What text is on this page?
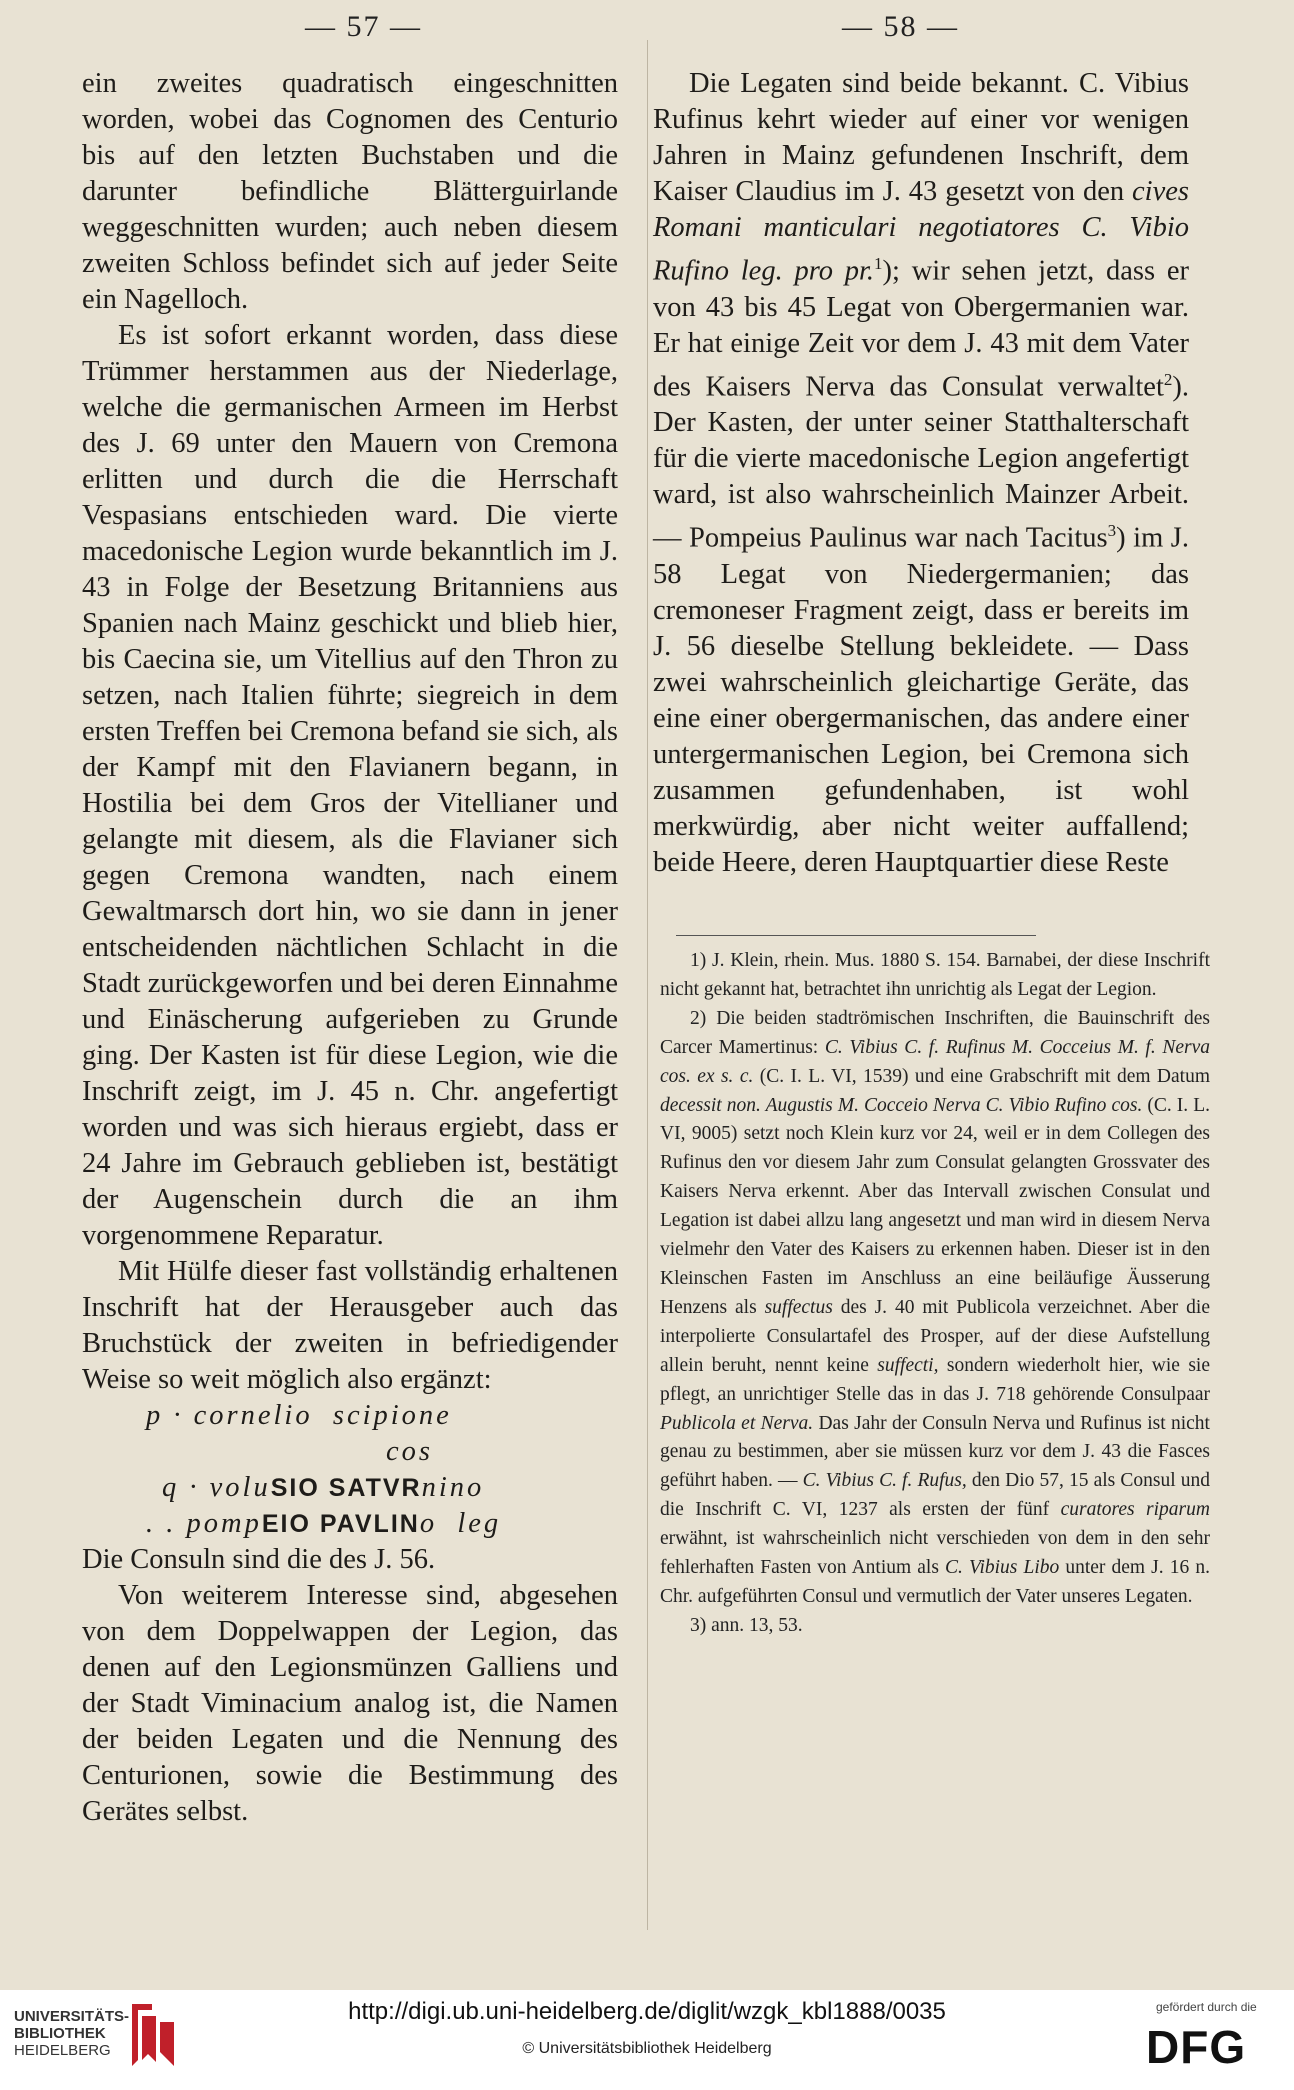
— 57 —	— 58 —

ein zweites quadratisch eingeschnitten worden, wobei das Cognomen des Centurio bis auf den letzten Buchstaben und die darunter befindliche Blätterguirlande weggeschnitten wurden; auch neben diesem zweiten Schloss befindet sich auf jeder Seite ein Nagelloch.

Es ist sofort erkannt worden, dass diese Trümmer herstammen aus der Niederlage, welche die germanischen Armeen im Herbst des J. 69 unter den Mauern von Cremona erlitten und durch die die Herrschaft Vespasians entschieden ward. Die vierte macedonische Legion wurde bekanntlich im J. 43 in Folge der Besetzung Britanniens aus Spanien nach Mainz geschickt und blieb hier, bis Caecina sie, um Vitellius auf den Thron zu setzen, nach Italien führte; siegreich in dem ersten Treffen bei Cremona befand sie sich, als der Kampf mit den Flavianern begann, in Hostilia bei dem Gros der Vitellianer und gelangte mit diesem, als die Flavianer sich gegen Cremona wandten, nach einem Gewaltmarsch dort hin, wo sie dann in jener entscheidenden nächtlichen Schlacht in die Stadt zurückgeworfen und bei deren Einnahme und Einäscherung aufgerieben zu Grunde ging. Der Kasten ist für diese Legion, wie die Inschrift zeigt, im J. 45 n. Chr. angefertigt worden und was sich hieraus ergiebt, dass er 24 Jahre im Gebrauch geblieben ist, bestätigt der Augenschein durch die an ihm vorgenommene Reparatur.

Mit Hülfe dieser fast vollständig erhaltenen Inschrift hat der Herausgeber auch das Bruchstück der zweiten in befriedigender Weise so weit möglich also ergänzt:

p · cornelio  scipione
cos
q · voluSIO SATVRnino
. . pompEIO PAVLINo  leg

Die Consuln sind die des J. 56.

Von weiterem Interesse sind, abgesehen von dem Doppelwappen der Legion, das denen auf den Legionsmünzen Galliens und der Stadt Viminacium analog ist, die Namen der beiden Legaten und die Nennung des Centurionen, sowie die Bestimmung des Gerätes selbst.

Die Legaten sind beide bekannt. C. Vibius Rufinus kehrt wieder auf einer vor wenigen Jahren in Mainz gefundenen Inschrift, dem Kaiser Claudius im J. 43 gesetzt von den cives Romani manticulari negotiatores C. Vibio Rufino leg. pro pr.$^1$); wir sehen jetzt, dass er von 43 bis 45 Legat von Obergermanien war. Er hat einige Zeit vor dem J. 43 mit dem Vater des Kaisers Nerva das Consulat verwaltet$^2$). Der Kasten, der unter seiner Statthalterschaft für die vierte macedonische Legion angefertigt ward, ist also wahrscheinlich Mainzer Arbeit. — Pompeius Paulinus war nach Tacitus$^3$) im J. 58 Legat von Niedergermanien; das cremoneser Fragment zeigt, dass er bereits im J. 56 dieselbe Stellung bekleidete. — Dass zwei wahrscheinlich gleichartige Geräte, das eine einer obergermanischen, das andere einer untergermanischen Legion, bei Cremona sich zusammen gefundenhaben, ist wohl merkwürdig, aber nicht weiter auffallend; beide Heere, deren Hauptquartier diese Reste

1) J. Klein, rhein. Mus. 1880 S. 154. Barnabei, der diese Inschrift nicht gekannt hat, betrachtet ihn unrichtig als Legat der Legion.

2) Die beiden stadtrömischen Inschriften, die Bauinschrift des Carcer Mamertinus: C. Vibius C. f. Rufinus M. Cocceius M. f. Nerva cos. ex s. c. (C. I. L. VI, 1539) und eine Grabschrift mit dem Datum decessit non. Augustis M. Cocceio Nerva C. Vibio Rufino cos. (C. I. L. VI, 9005) setzt noch Klein kurz vor 24, weil er in dem Collegen des Rufinus den vor diesem Jahr zum Consulat gelangten Grossvater des Kaisers Nerva erkennt. Aber das Intervall zwischen Consulat und Legation ist dabei allzu lang angesetzt und man wird in diesem Nerva vielmehr den Vater des Kaisers zu erkennen haben. Dieser ist in den Kleinschen Fasten im Anschluss an eine beiläufige Äusserung Henzens als suffectus des J. 40 mit Publicola verzeichnet. Aber die interpolierte Consulartafel des Prosper, auf der diese Aufstellung allein beruht, nennt keine suffecti, sondern wiederholt hier, wie sie pflegt, an unrichtiger Stelle das in das J. 718 gehörende Consulpaar Publicola et Nerva. Das Jahr der Consuln Nerva und Rufinus ist nicht genau zu bestimmen, aber sie müssen kurz vor dem J. 43 die Fasces geführt haben. — C. Vibius C. f. Rufus, den Dio 57, 15 als Consul und die Inschrift C. VI, 1237 als ersten der fünf curatores riparum erwähnt, ist wahrscheinlich nicht verschieden von dem in den sehr fehlerhaften Fasten von Antium als C. Vibius Libo unter dem J. 16 n. Chr. aufgeführten Consul und vermutlich der Vater unseres Legaten.

3) ann. 13, 53.

UNIVERSITÄTS-
BIBLIOTHEK
HEIDELBERG
http://digi.ub.uni-heidelberg.de/diglit/wzgk_kbl1888/0035
© Universitätsbibliothek Heidelberg
gefördert durch die
DFG
